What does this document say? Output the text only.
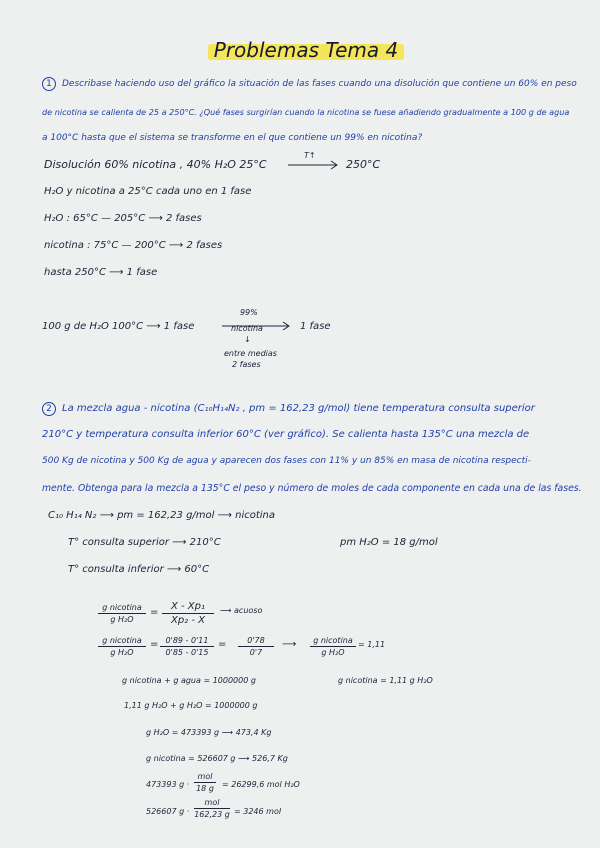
Problemas Tema 4
1 Describase haciendo uso del gráfico la situación de las fases cuando una disolución que contiene un 60% en peso
de nicotina se calienta de 25 a 250°C. ¿Qué fases surgirían cuando la nicotina se fuese añadiendo gradualmente a 100 g de agua
a 100°C hasta que el sistema se transforme en el que contiene un 99% en nicotina?
Disolución 60% nicotina , 40% H₂O 25°C
T↑
250°C
H₂O y nicotina a 25°C cada uno en 1 fase
H₂O : 65°C — 205°C ⟶ 2 fases
nicotina : 75°C — 200°C ⟶ 2 fases
hasta 250°C ⟶ 1 fase
100 g de H₂O 100°C ⟶ 1 fase
99%
1 fase
nicotina
↓
entre medias
2 fases
2 La mezcla agua - nicotina (C₁₀H₁₄N₂ , pm = 162,23 g/mol) tiene temperatura consulta superior
210°C y temperatura consulta inferior 60°C (ver gráfico). Se calienta hasta 135°C una mezcla de
500 Kg de nicotina y 500 Kg de agua y aparecen dos fases con 11% y un 85% en masa de nicotina respecti-
mente. Obtenga para la mezcla a 135°C el peso y número de moles de cada componente en cada una de las fases.
C₁₀ H₁₄ N₂ ⟶ pm = 162,23 g/mol ⟶ nicotina
T° consulta superior ⟶ 210°C	pm H₂O = 18 g/mol
T° consulta inferior ⟶ 60°C
g nicotina
g H₂O
=
X - Xp₁
Xp₂ - X
⟶ acuoso
g nicotina
g H₂O
= 0'89 - 0'11
0'85 - 0'15
=	0'78
0'7
⟶	g nicotina
g H₂O
= 1,11
g nicotina + g agua = 1000000 g	g nicotina = 1,11 g H₂O
1,11 g H₂O + g H₂O = 1000000 g
g H₂O = 473393 g ⟶ 473,4 Kg
g nicotina = 526607 g ⟶ 526,7 Kg
473393 g ·
mol
18 g = 26299,6 mol H₂O
526607 g ·
mol
162,23 g = 3246 mol
